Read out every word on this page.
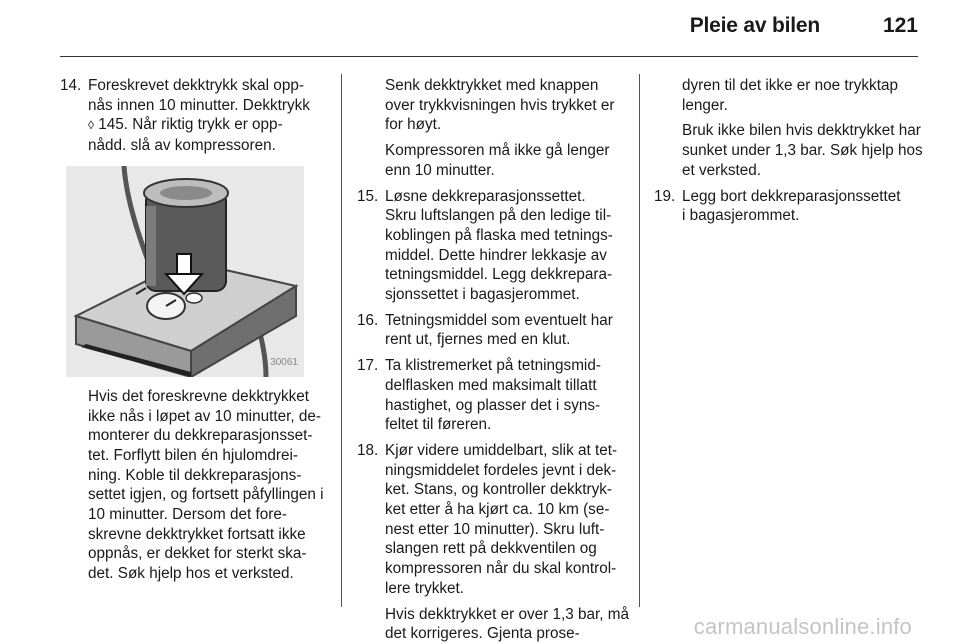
Pleie av bilen	121
14. Foreskrevet dekktrykk skal opp-
nås innen 10 minutter. Dekktrykk
◊ 145. Når riktig trykk er opp-
nådd. slå av kompressoren.
30061
Hvis det foreskrevne dekktrykket ikke nås i løpet av 10 minutter, de- monterer du dekkreparasjonsset- tet. Forflytt bilen én hjulomdrei- ning. Koble til dekkreparasjons- settet igjen, og fortsett påfyllingen i 10 minutter. Dersom det fore- skrevne dekktrykket fortsatt ikke oppnås, er dekket for sterkt ska- det. Søk hjelp hos et verksted.
Senk dekktrykket med knappen over trykkvisningen hvis trykket er for høyt.
Kompressoren må ikke gå lenger enn 10 minutter.
15. Løsne dekkreparasjonssettet.
Skru luftslangen på den ledige til-
koblingen på flaska med tetnings-
middel. Dette hindrer lekkasje av
tetningsmiddel. Legg dekkrepara-
sjonssettet i bagasjerommet.
16. Tetningsmiddel som eventuelt har
rent ut, fjernes med en klut.
17. Ta klistremerket på tetningsmid-
delflasken med maksimalt tillatt
hastighet, og plasser det i syns-
feltet til føreren.
18. Kjør videre umiddelbart, slik at tet-
ningsmiddelet fordeles jevnt i dek-
ket. Stans, og kontroller dekktryk-
ket etter å ha kjørt ca. 10 km (se-
nest etter 10 minutter). Skru luft-
slangen rett på dekkventilen og
kompressoren når du skal kontrol-
lere trykket.
Hvis dekktrykket er over 1,3 bar, må det korrigeres. Gjenta prose-
dyren til det ikke er noe trykktap lenger.
Bruk ikke bilen hvis dekktrykket har sunket under 1,3 bar. Søk hjelp hos et verksted.
19. Legg bort dekkreparasjonssettet
i bagasjerommet.
carmanualsonline.info
